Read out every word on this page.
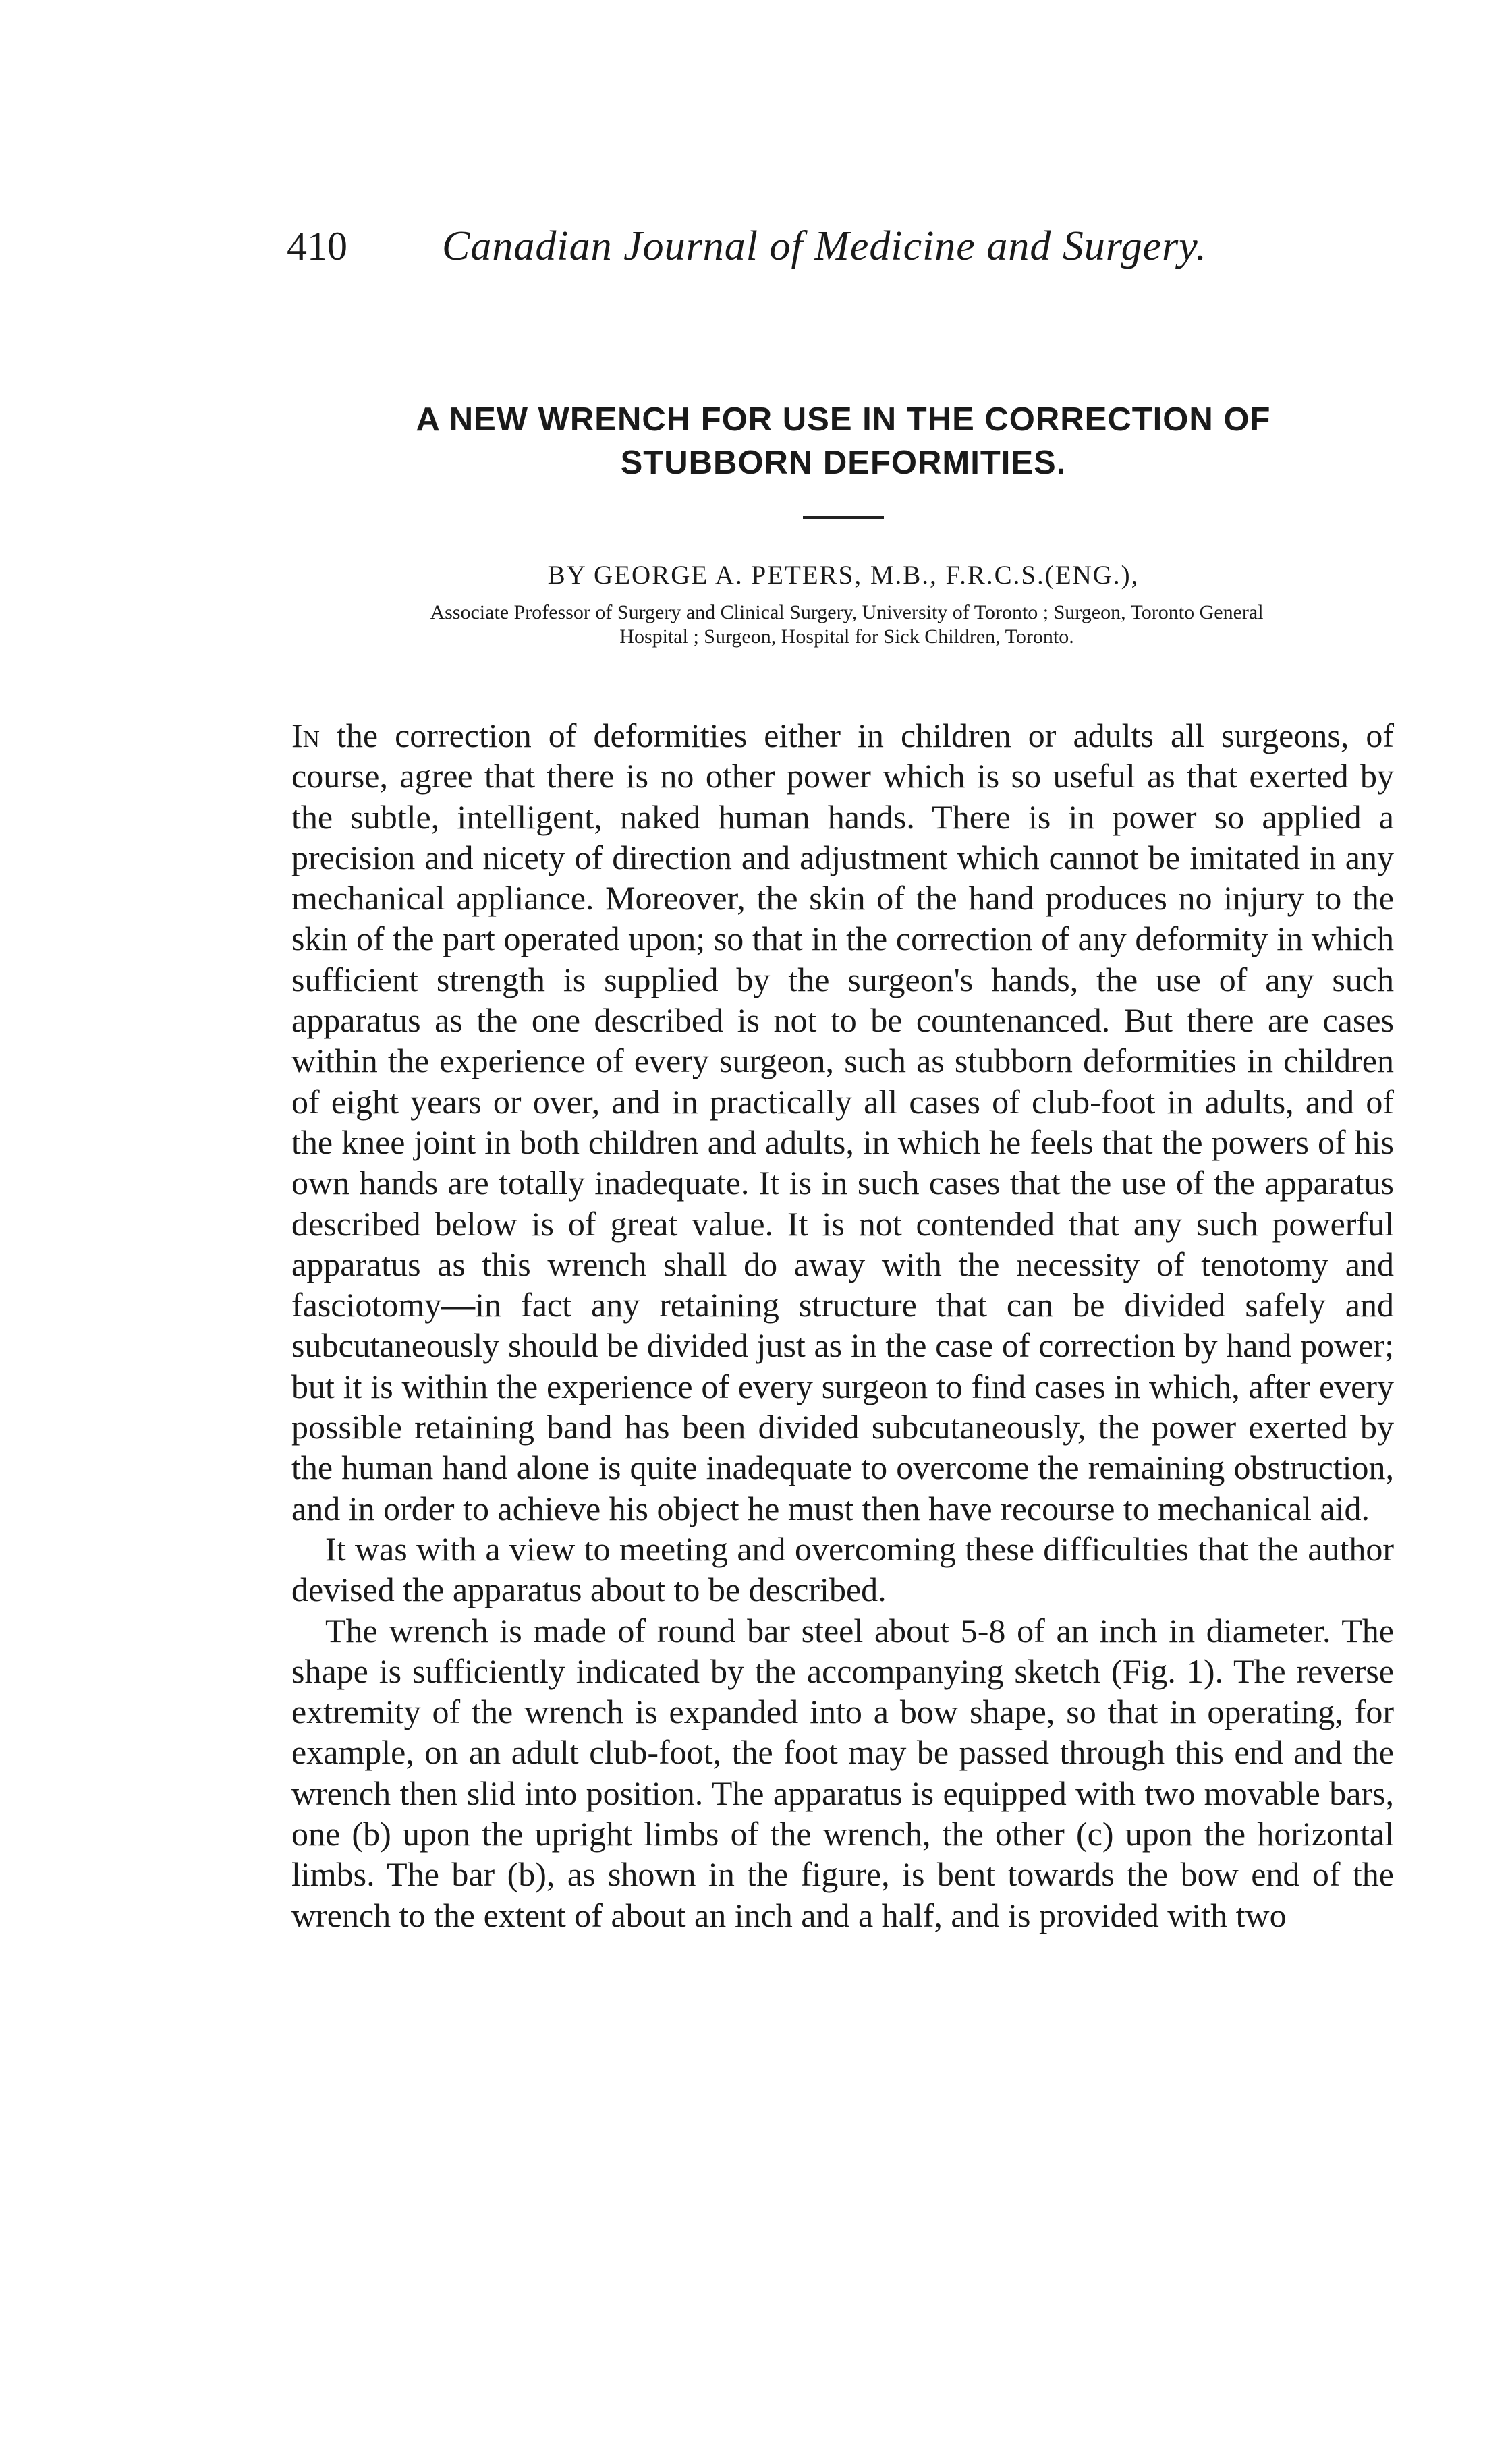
410 Canadian Journal of Medicine and Surgery.
A NEW WRENCH FOR USE IN THE CORRECTION OF
STUBBORN DEFORMITIES.
BY GEORGE A. PETERS, M.B., F.R.C.S.(ENG.),
Associate Professor of Surgery and Clinical Surgery, University of Toronto ; Surgeon, Toronto General
Hospital ; Surgeon, Hospital for Sick Children, Toronto.

In the correction of deformities either in children or adults all surgeons, of course, agree that there is no other power which is so useful as that exerted by the subtle, intelligent, naked human hands. There is in power so applied a precision and nicety of direction and adjustment which cannot be imitated in any mechanical appliance. Moreover, the skin of the hand produces no injury to the skin of the part operated upon; so that in the correction of any deformity in which sufficient strength is supplied by the surgeon's hands, the use of any such apparatus as the one described is not to be countenanced. But there are cases within the experience of every surgeon, such as stubborn deformities in children of eight years or over, and in practically all cases of club-foot in adults, and of the knee joint in both children and adults, in which he feels that the powers of his own hands are totally inadequate. It is in such cases that the use of the apparatus described below is of great value. It is not contended that any such powerful apparatus as this wrench shall do away with the necessity of tenotomy and fasciotomy—in fact any retaining structure that can be divided safely and subcutaneously should be divided just as in the case of correction by hand power; but it is within the experience of every surgeon to find cases in which, after every possible retaining band has been divided subcutaneously, the power exerted by the human hand alone is quite inadequate to overcome the remaining obstruction, and in order to achieve his object he must then have recourse to mechanical aid.

It was with a view to meeting and overcoming these difficulties that the author devised the apparatus about to be described.

The wrench is made of round bar steel about 5-8 of an inch in diameter. The shape is sufficiently indicated by the accompanying sketch (Fig. 1). The reverse extremity of the wrench is expanded into a bow shape, so that in operating, for example, on an adult club-foot, the foot may be passed through this end and the wrench then slid into position. The apparatus is equipped with two movable bars, one (b) upon the upright limbs of the wrench, the other (c) upon the horizontal limbs. The bar (b), as shown in the figure, is bent towards the bow end of the wrench to the extent of about an inch and a half, and is provided with two
